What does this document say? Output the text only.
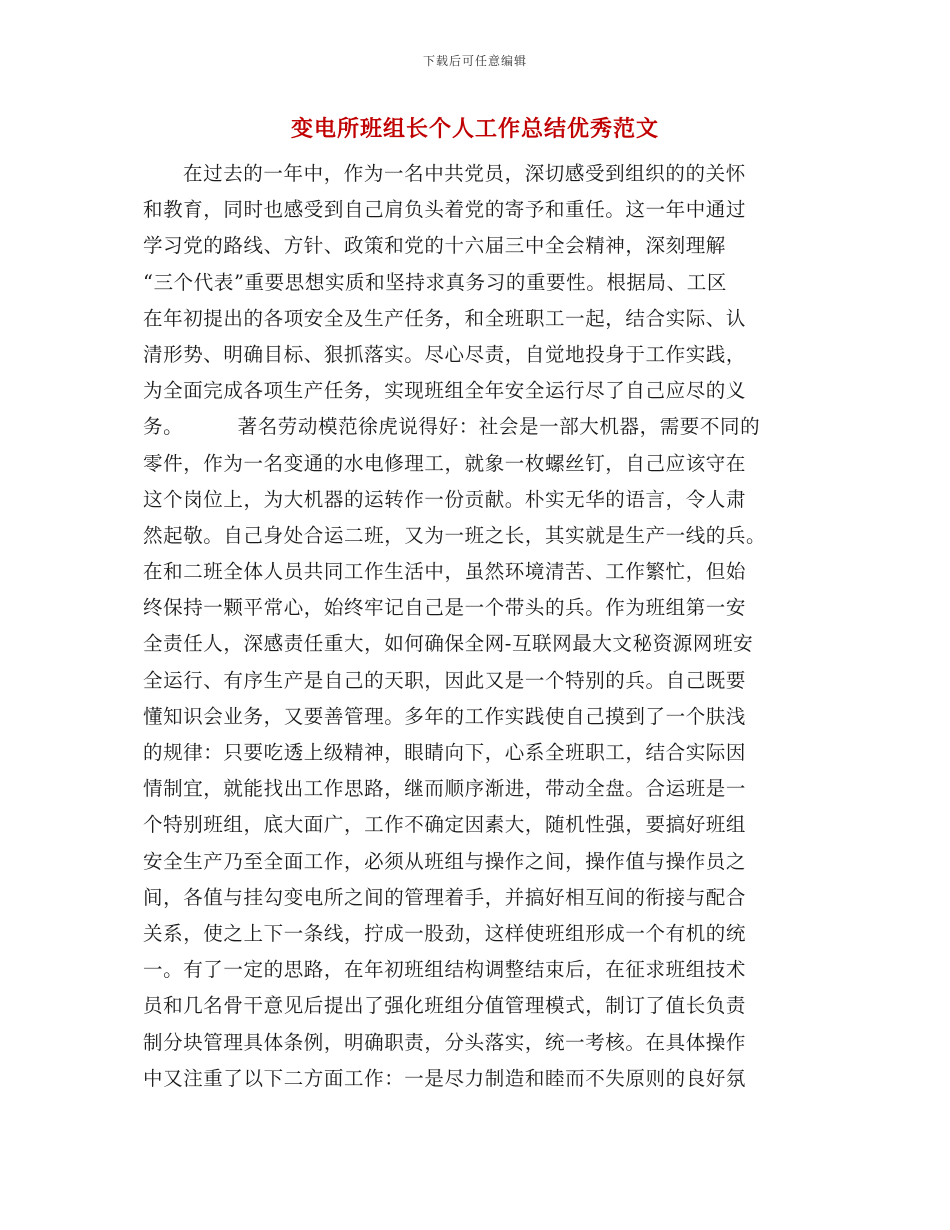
下载后可任意编辑
变电所班组长个人工作总结优秀范文
在过去的一年中，作为一名中共党员，深切感受到组织的的关怀
和教育，同时也感受到自己肩负头着党的寄予和重任。这一年中通过
学习党的路线、方针、政策和党的十六届三中全会精神，深刻理解
“三个代表”重要思想实质和坚持求真务习的重要性。根据局、工区
在年初提出的各项安全及生产任务，和全班职工一起，结合实际、认
清形势、明确目标、狠抓落实。尽心尽责，自觉地投身于工作实践，
为全面完成各项生产任务，实现班组全年安全运行尽了自己应尽的义
务。        著名劳动模范徐虎说得好：社会是一部大机器，需要不同的
零件，作为一名变通的水电修理工，就象一枚螺丝钉，自己应该守在
这个岗位上，为大机器的运转作一份贡献。朴实无华的语言，令人肃
然起敬。自己身处合运二班，又为一班之长，其实就是生产一线的兵。
在和二班全体人员共同工作生活中，虽然环境清苦、工作繁忙，但始
终保持一颗平常心，始终牢记自己是一个带头的兵。作为班组第一安
全责任人，深感责任重大，如何确保全网-互联网最大文秘资源网班安
全运行、有序生产是自己的天职，因此又是一个特别的兵。自己既要
懂知识会业务，又要善管理。多年的工作实践使自己摸到了一个肤浅
的规律：只要吃透上级精神，眼睛向下，心系全班职工，结合实际因
情制宜，就能找出工作思路，继而顺序渐进，带动全盘。合运班是一
个特别班组，底大面广，工作不确定因素大，随机性强，要搞好班组
安全生产乃至全面工作，必须从班组与操作之间，操作值与操作员之
间，各值与挂勾变电所之间的管理着手，并搞好相互间的衔接与配合
关系，使之上下一条线，拧成一股劲，这样使班组形成一个有机的统
一。有了一定的思路，在年初班组结构调整结束后，在征求班组技术
员和几名骨干意见后提出了强化班组分值管理模式，制订了值长负责
制分块管理具体条例，明确职责，分头落实，统一考核。在具体操作
中又注重了以下二方面工作：一是尽力制造和睦而不失原则的良好氛
